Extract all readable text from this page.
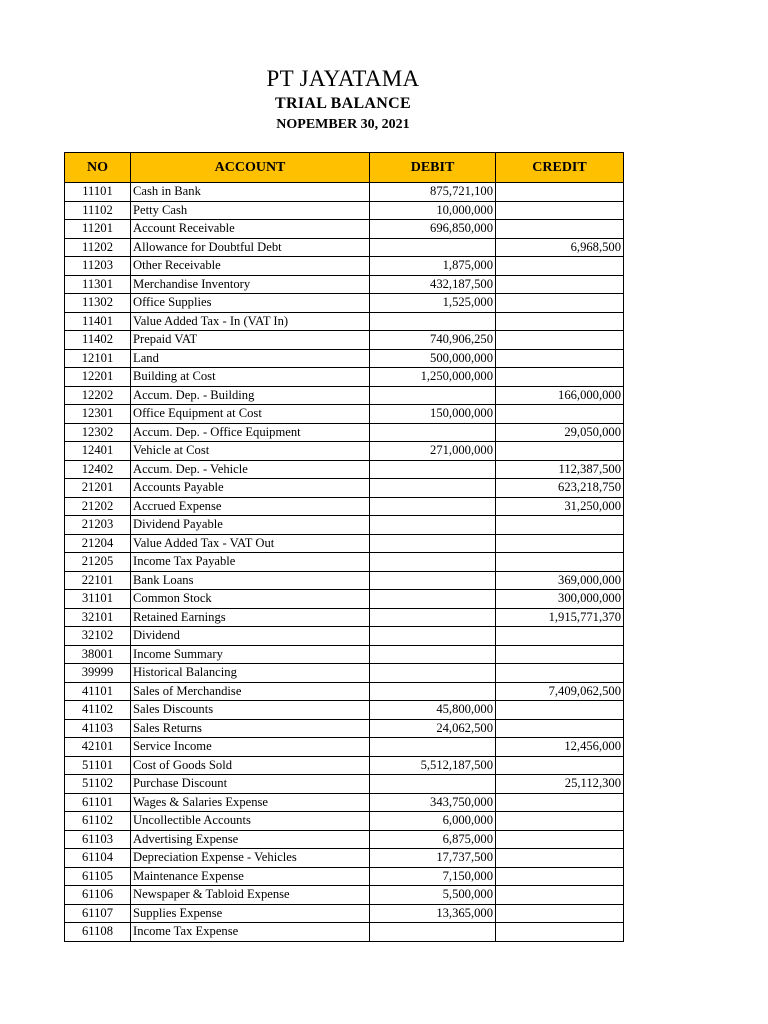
PT JAYATAMA
TRIAL BALANCE
NOPEMBER 30, 2021
NO	ACCOUNT	DEBIT	CREDIT
11101	Cash in Bank	875,721,100	
11102	Petty Cash	10,000,000	
11201	Account Receivable	696,850,000	
11202	Allowance for Doubtful Debt		6,968,500
11203	Other Receivable	1,875,000	
11301	Merchandise Inventory	432,187,500	
11302	Office Supplies	1,525,000	
11401	Value Added Tax - In (VAT In)		
11402	Prepaid VAT	740,906,250	
12101	Land	500,000,000	
12201	Building at Cost	1,250,000,000	
12202	Accum. Dep. - Building		166,000,000
12301	Office Equipment at Cost	150,000,000	
12302	Accum. Dep. - Office Equipment		29,050,000
12401	Vehicle at Cost	271,000,000	
12402	Accum. Dep. - Vehicle		112,387,500
21201	Accounts Payable		623,218,750
21202	Accrued Expense		31,250,000
21203	Dividend Payable		
21204	Value Added Tax - VAT Out		
21205	Income Tax Payable		
22101	Bank Loans		369,000,000
31101	Common Stock		300,000,000
32101	Retained Earnings		1,915,771,370
32102	Dividend		
38001	Income Summary		
39999	Historical Balancing		
41101	Sales of Merchandise		7,409,062,500
41102	Sales Discounts	45,800,000	
41103	Sales Returns	24,062,500	
42101	Service Income		12,456,000
51101	Cost of Goods Sold	5,512,187,500	
51102	Purchase Discount		25,112,300
61101	Wages & Salaries Expense	343,750,000	
61102	Uncollectible Accounts	6,000,000	
61103	Advertising Expense	6,875,000	
61104	Depreciation Expense - Vehicles	17,737,500	
61105	Maintenance Expense	7,150,000	
61106	Newspaper & Tabloid Expense	5,500,000	
61107	Supplies Expense	13,365,000	
61108	Income Tax Expense		
